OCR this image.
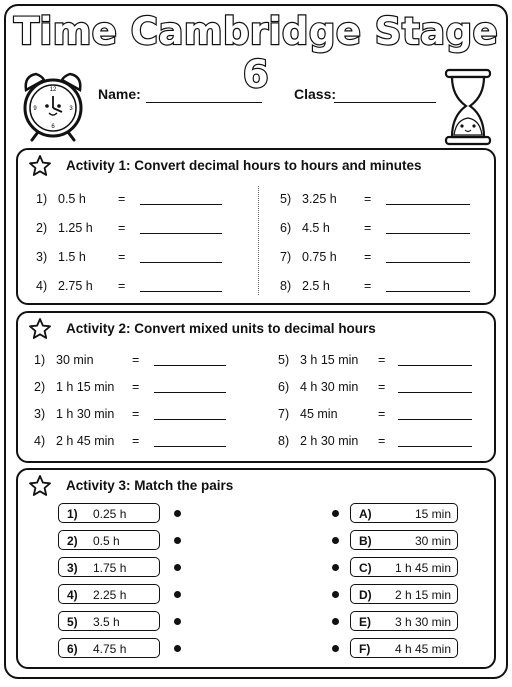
Time Cambridge Stage 6
12
3
6
9
Name:	Class:
Activity 1: Convert decimal hours to hours and minutes
1) 0.5 h	=
2) 1.25 h =
3) 1.5 h	=
4) 2.75 h =
5) 3.25 h =
6) 4.5 h	=
7) 0.75 h =
8) 2.5 h	=
Activity 2: Convert mixed units to decimal hours
1) 30 min	=
2) 1 h 15 min =
3) 1 h 30 min =
4) 2 h 45 min =
5) 3 h 15 min =
6) 4 h 30 min =
7) 45 min	=
8) 2 h 30 min =
Activity 3: Match the pairs
1) 0.25 h
2) 0.5 h
3) 1.75 h
4) 2.25 h
5) 3.5 h
6) 4.75 h
A)	15 min
B)	30 min
C)	1 h 45 min
D)	2 h 15 min
E)	3 h 30 min
F)	4 h 45 min
